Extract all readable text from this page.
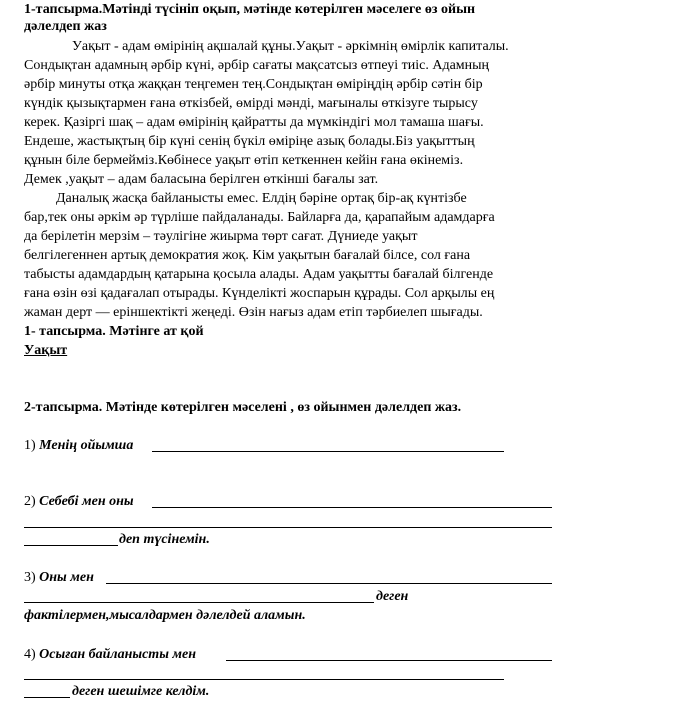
1-тапсырма.Мәтінді түсініп оқып, мәтінде көтерілген мәселеге өз ойын
дәлелдеп жаз
Уақыт - адам өмірінің ақшалай құны.Уақыт - әркімнің өмірлік капиталы.
Сондықтан адамның әрбір күні, әрбір сағаты мақсатсыз өтпеуі тиіс. Адамның
әрбір минуты отқа жаққан теңгемен тең.Сондықтан өміріңдің әрбір сәтін бір
күндік қызықтармен ғана өткізбей, өмірді мәнді, мағыналы өткізуге тырысу
керек. Қазіргі шақ – адам өмірінің қайратты да мүмкіндігі мол тамаша шағы.
Ендеше, жастықтың бір күні сенің бүкіл өміріңе азық болады.Біз уақыттың
құнын біле бермейміз.Көбінесе уақыт өтіп кеткеннен кейін ғана өкінеміз.
Демек ,уақыт – адам баласына берілген өткінші бағалы зат.
Даналық жасқа байланысты емес. Елдің бәріне ортақ бір-ақ күнтізбе
бар,тек оны әркім әр түрлiше пайдаланады. Байларға да, қарапайым адамдарға
да берілетін мерзім – тәулігіне жиырма төрт сағат. Дүниеде уақыт
белгілегеннен артық демократия жоқ. Кім уақытын бағалай білсе, сол ғана
табысты адамдардың қатарына қосыла алады. Адам уақытты бағалай білгенде
ғана өзін өзі қадағалап отырады. Күнделікті жоспарын құрады. Сол арқылы ең
жаман дерт — еріншектікті жеңеді. Өзін нағыз адам етіп тәрбиелеп шығады.
1- тапсырма. Мәтінге ат қой
Уақыт
2-тапсырма. Мәтінде көтерілген мәселені , өз ойынмен дәлелдеп жаз.
1) Менің ойымша
2) Себебі мен оны
деп түсінемін.
3) Оны мен
деген
фактілермен,мысалдармен дәлелдей аламын.
4) Осыған байланысты мен
деген шешімге келдім.
